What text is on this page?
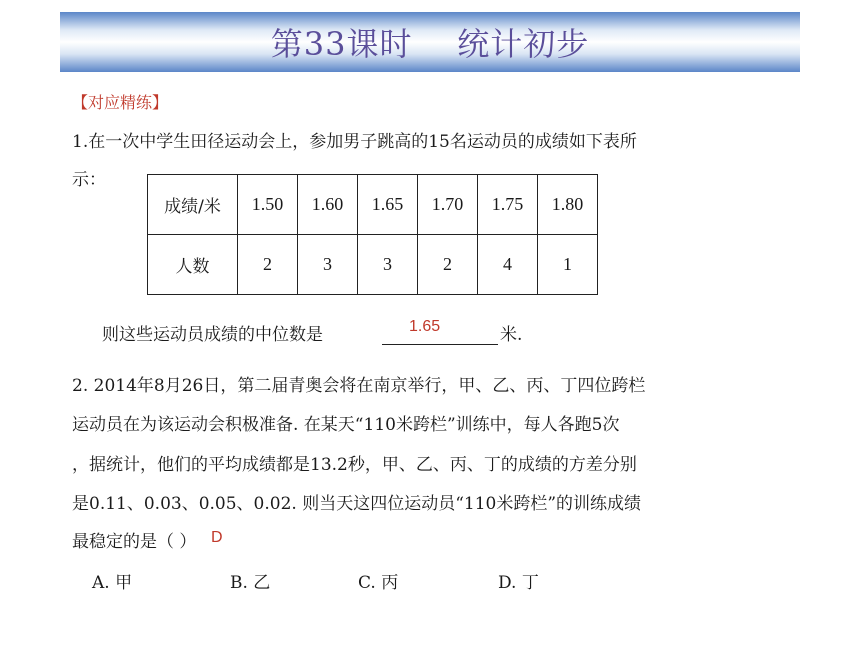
第33课时    统计初步
【对应精练】
1.在一次中学生田径运动会上，参加男子跳高的15名运动员的成绩如下表所
示：
成绩/米	1.50	1.60	1.65	1.70	1.75	1.80
人数	2	3	3	2	4	1
则这些运动员成绩的中位数是	1.65	米.
2. 2014年8月26日，第二届青奥会将在南京举行，甲、乙、丙、丁四位跨栏
运动员在为该运动会积极准备. 在某天“110米跨栏”训练中，每人各跑5次
，据统计，他们的平均成绩都是13.2秒，甲、乙、丙、丁的成绩的方差分别
是0.11、0.03、0.05、0.02. 则当天这四位运动员“110米跨栏”的训练成绩
最稳定的是（ ） D
A. 甲	B. 乙	C. 丙	D. 丁
